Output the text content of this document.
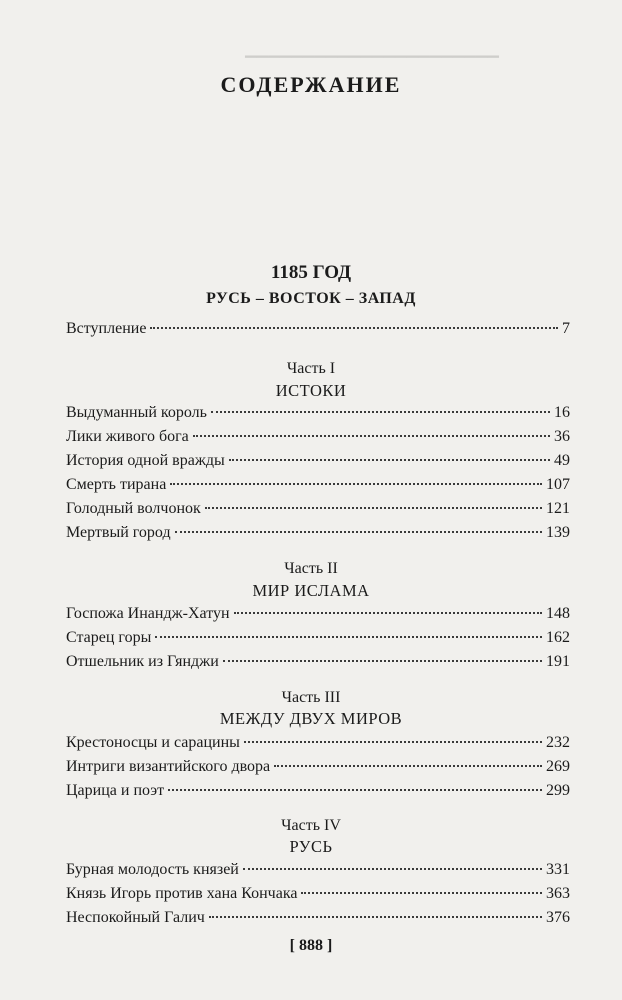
▁▁▁▁▁▁▁▁▁▁▁▁▁▁▁▁▁▁▁▁▁▁
СОДЕРЖАНИЕ
1185 ГОД
РУСЬ – ВОСТОК – ЗАПАД
Вступление	7
Часть I
ИСТОКИ
Выдуманный король	16
Лики живого бога	36
История одной вражды	49
Смерть тирана	107
Голодный волчонок	121
Мертвый город	139
Часть II
МИР ИСЛАМА
Госпожа Инандж-Хатун	148
Старец горы	162
Отшельник из Гянджи	191
Часть III
МЕЖДУ ДВУХ МИРОВ
Крестоносцы и сарацины	232
Интриги византийского двора	269
Царица и поэт	299
Часть IV
РУСЬ
Бурная молодость князей	331
Князь Игорь против хана Кончака	363
Неспокойный Галич	376
[ 888 ]
